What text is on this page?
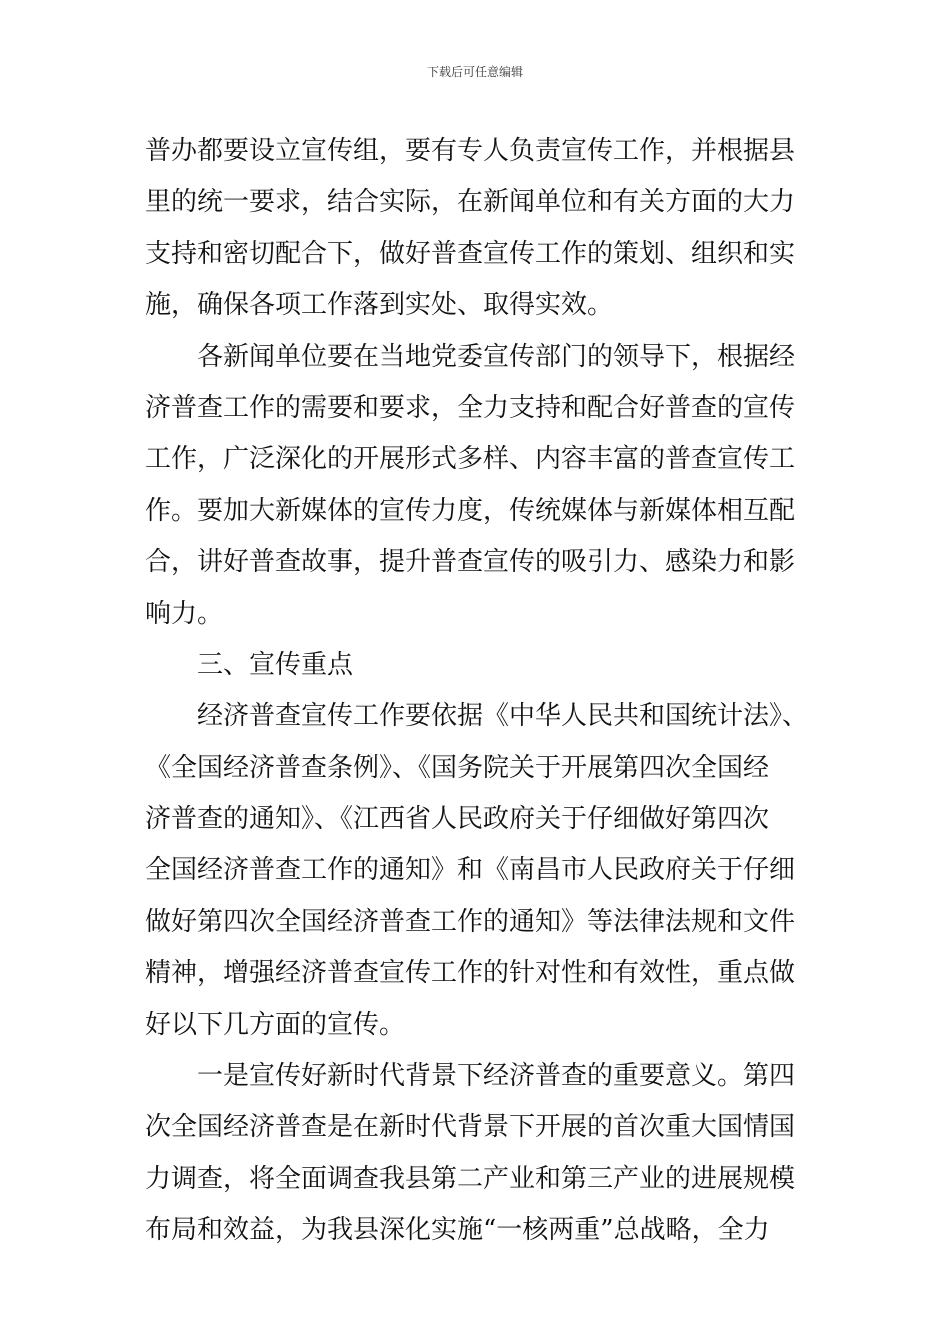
下载后可任意编辑
普办都要设立宣传组，要有专人负责宣传工作，并根据县
里的统一要求，结合实际，在新闻单位和有关方面的大力
支持和密切配合下，做好普查宣传工作的策划、组织和实
施，确保各项工作落到实处、取得实效。
各新闻单位要在当地党委宣传部门的领导下，根据经
济普查工作的需要和要求，全力支持和配合好普查的宣传
工作，广泛深化的开展形式多样、内容丰富的普查宣传工
作。要加大新媒体的宣传力度，传统媒体与新媒体相互配
合，讲好普查故事，提升普查宣传的吸引力、感染力和影
响力。
三、宣传重点
经济普查宣传工作要依据《中华人民共和国统计法》、
《全国经济普查条例》、《国务院关于开展第四次全国经
济普查的通知》、《江西省人民政府关于仔细做好第四次
全国经济普查工作的通知》和《南昌市人民政府关于仔细
做好第四次全国经济普查工作的通知》等法律法规和文件
精神，增强经济普查宣传工作的针对性和有效性，重点做
好以下几方面的宣传。
一是宣传好新时代背景下经济普查的重要意义。第四
次全国经济普查是在新时代背景下开展的首次重大国情国
力调查，将全面调查我县第二产业和第三产业的进展规模
布局和效益，为我县深化实施“一核两重”总战略，全力
